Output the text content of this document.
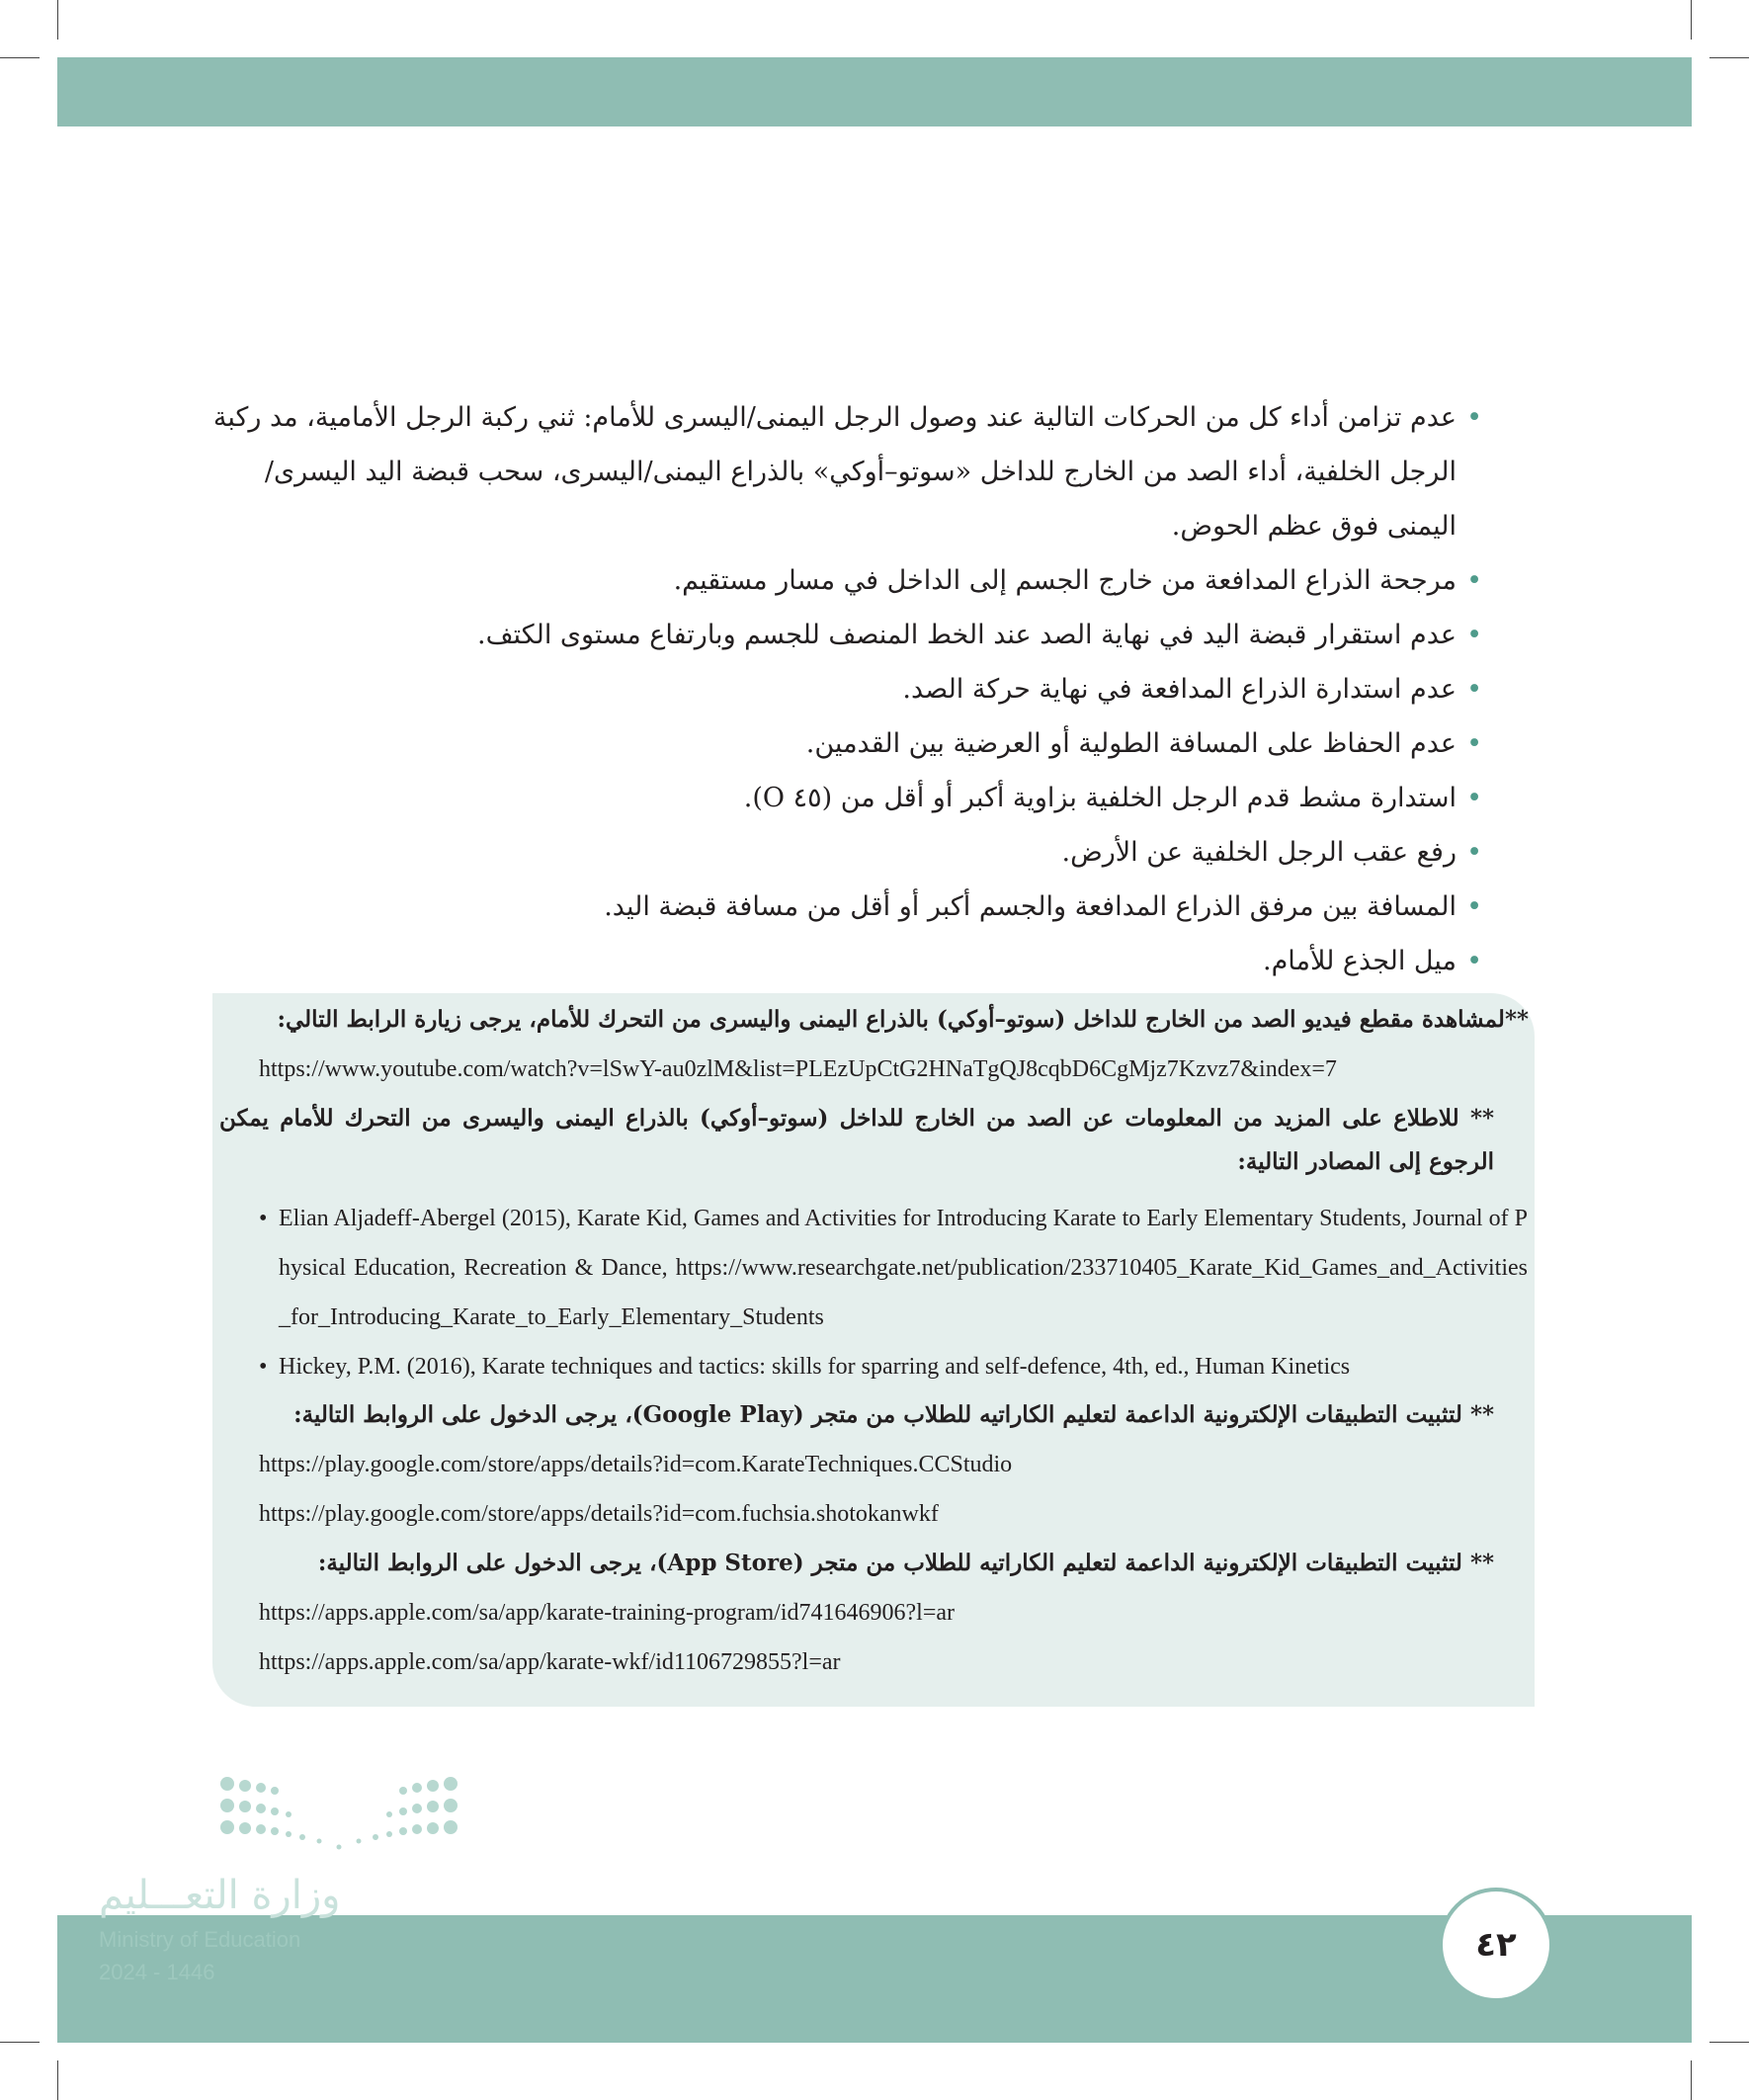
• عدم تزامن أداء كل من الحركات التالية عند وصول الرجل اليمنى/اليسرى للأمام: ثني ركبة الرجل الأمامية، مد ركبة الرجل الخلفية، أداء الصد من الخارج للداخل «سوتو–أوكي» بالذراع اليمنى/اليسرى، سحب قبضة اليد اليسرى/اليمنى فوق عظم الحوض.
• مرجحة الذراع المدافعة من خارج الجسم إلى الداخل في مسار مستقيم.
• عدم استقرار قبضة اليد في نهاية الصد عند الخط المنصف للجسم وبارتفاع مستوى الكتف.
• عدم استدارة الذراع المدافعة في نهاية حركة الصد.
• عدم الحفاظ على المسافة الطولية أو العرضية بين القدمين.
• استدارة مشط قدم الرجل الخلفية بزاوية أكبر أو أقل من (٤٥ O).
• رفع عقب الرجل الخلفية عن الأرض.
• المسافة بين مرفق الذراع المدافعة والجسم أكبر أو أقل من مسافة قبضة اليد.
• ميل الجذع للأمام.
**لمشاهدة مقطع فيديو الصد من الخارج للداخل (سوتو–أوكي) بالذراع اليمنى واليسرى من التحرك للأمام، يرجى زيارة الرابط التالي:
https://www.youtube.com/watch?v=lSwY-au0zlM&list=PLEzUpCtG2HNaTgQJ8cqbD6CgMjz7Kzvz7&index=7
** للاطلاع على المزيد من المعلومات عن الصد من الخارج للداخل (سوتو–أوكي) بالذراع اليمنى واليسرى من التحرك للأمام يمكن الرجوع إلى المصادر التالية:
• Elian Aljadeff-Abergel (2015), Karate Kid, Games and Activities for Introducing Karate to Early Elementary Students, Journal of Physical Education, Recreation & Dance, https://www.researchgate.net/publication/233710405_Karate_Kid_Games_and_Activities_for_Introducing_Karate_to_Early_Elementary_Students
• Hickey, P.M. (2016), Karate techniques and tactics: skills for sparring and self-defence, 4th, ed., Human Kinetics
** لتثبيت التطبيقات الإلكترونية الداعمة لتعليم الكاراتيه للطلاب من متجر (Google Play)، يرجى الدخول على الروابط التالية:
https://play.google.com/store/apps/details?id=com.KarateTechniques.CCStudio
https://play.google.com/store/apps/details?id=com.fuchsia.shotokanwkf
** لتثبيت التطبيقات الإلكترونية الداعمة لتعليم الكاراتيه للطلاب من متجر (App Store)، يرجى الدخول على الروابط التالية:
https://apps.apple.com/sa/app/karate-training-program/id741646906?l=ar
https://apps.apple.com/sa/app/karate-wkf/id1106729855?l=ar
وزارة التعـــليم
Ministry of Education
2024 - 1446
٤٢
